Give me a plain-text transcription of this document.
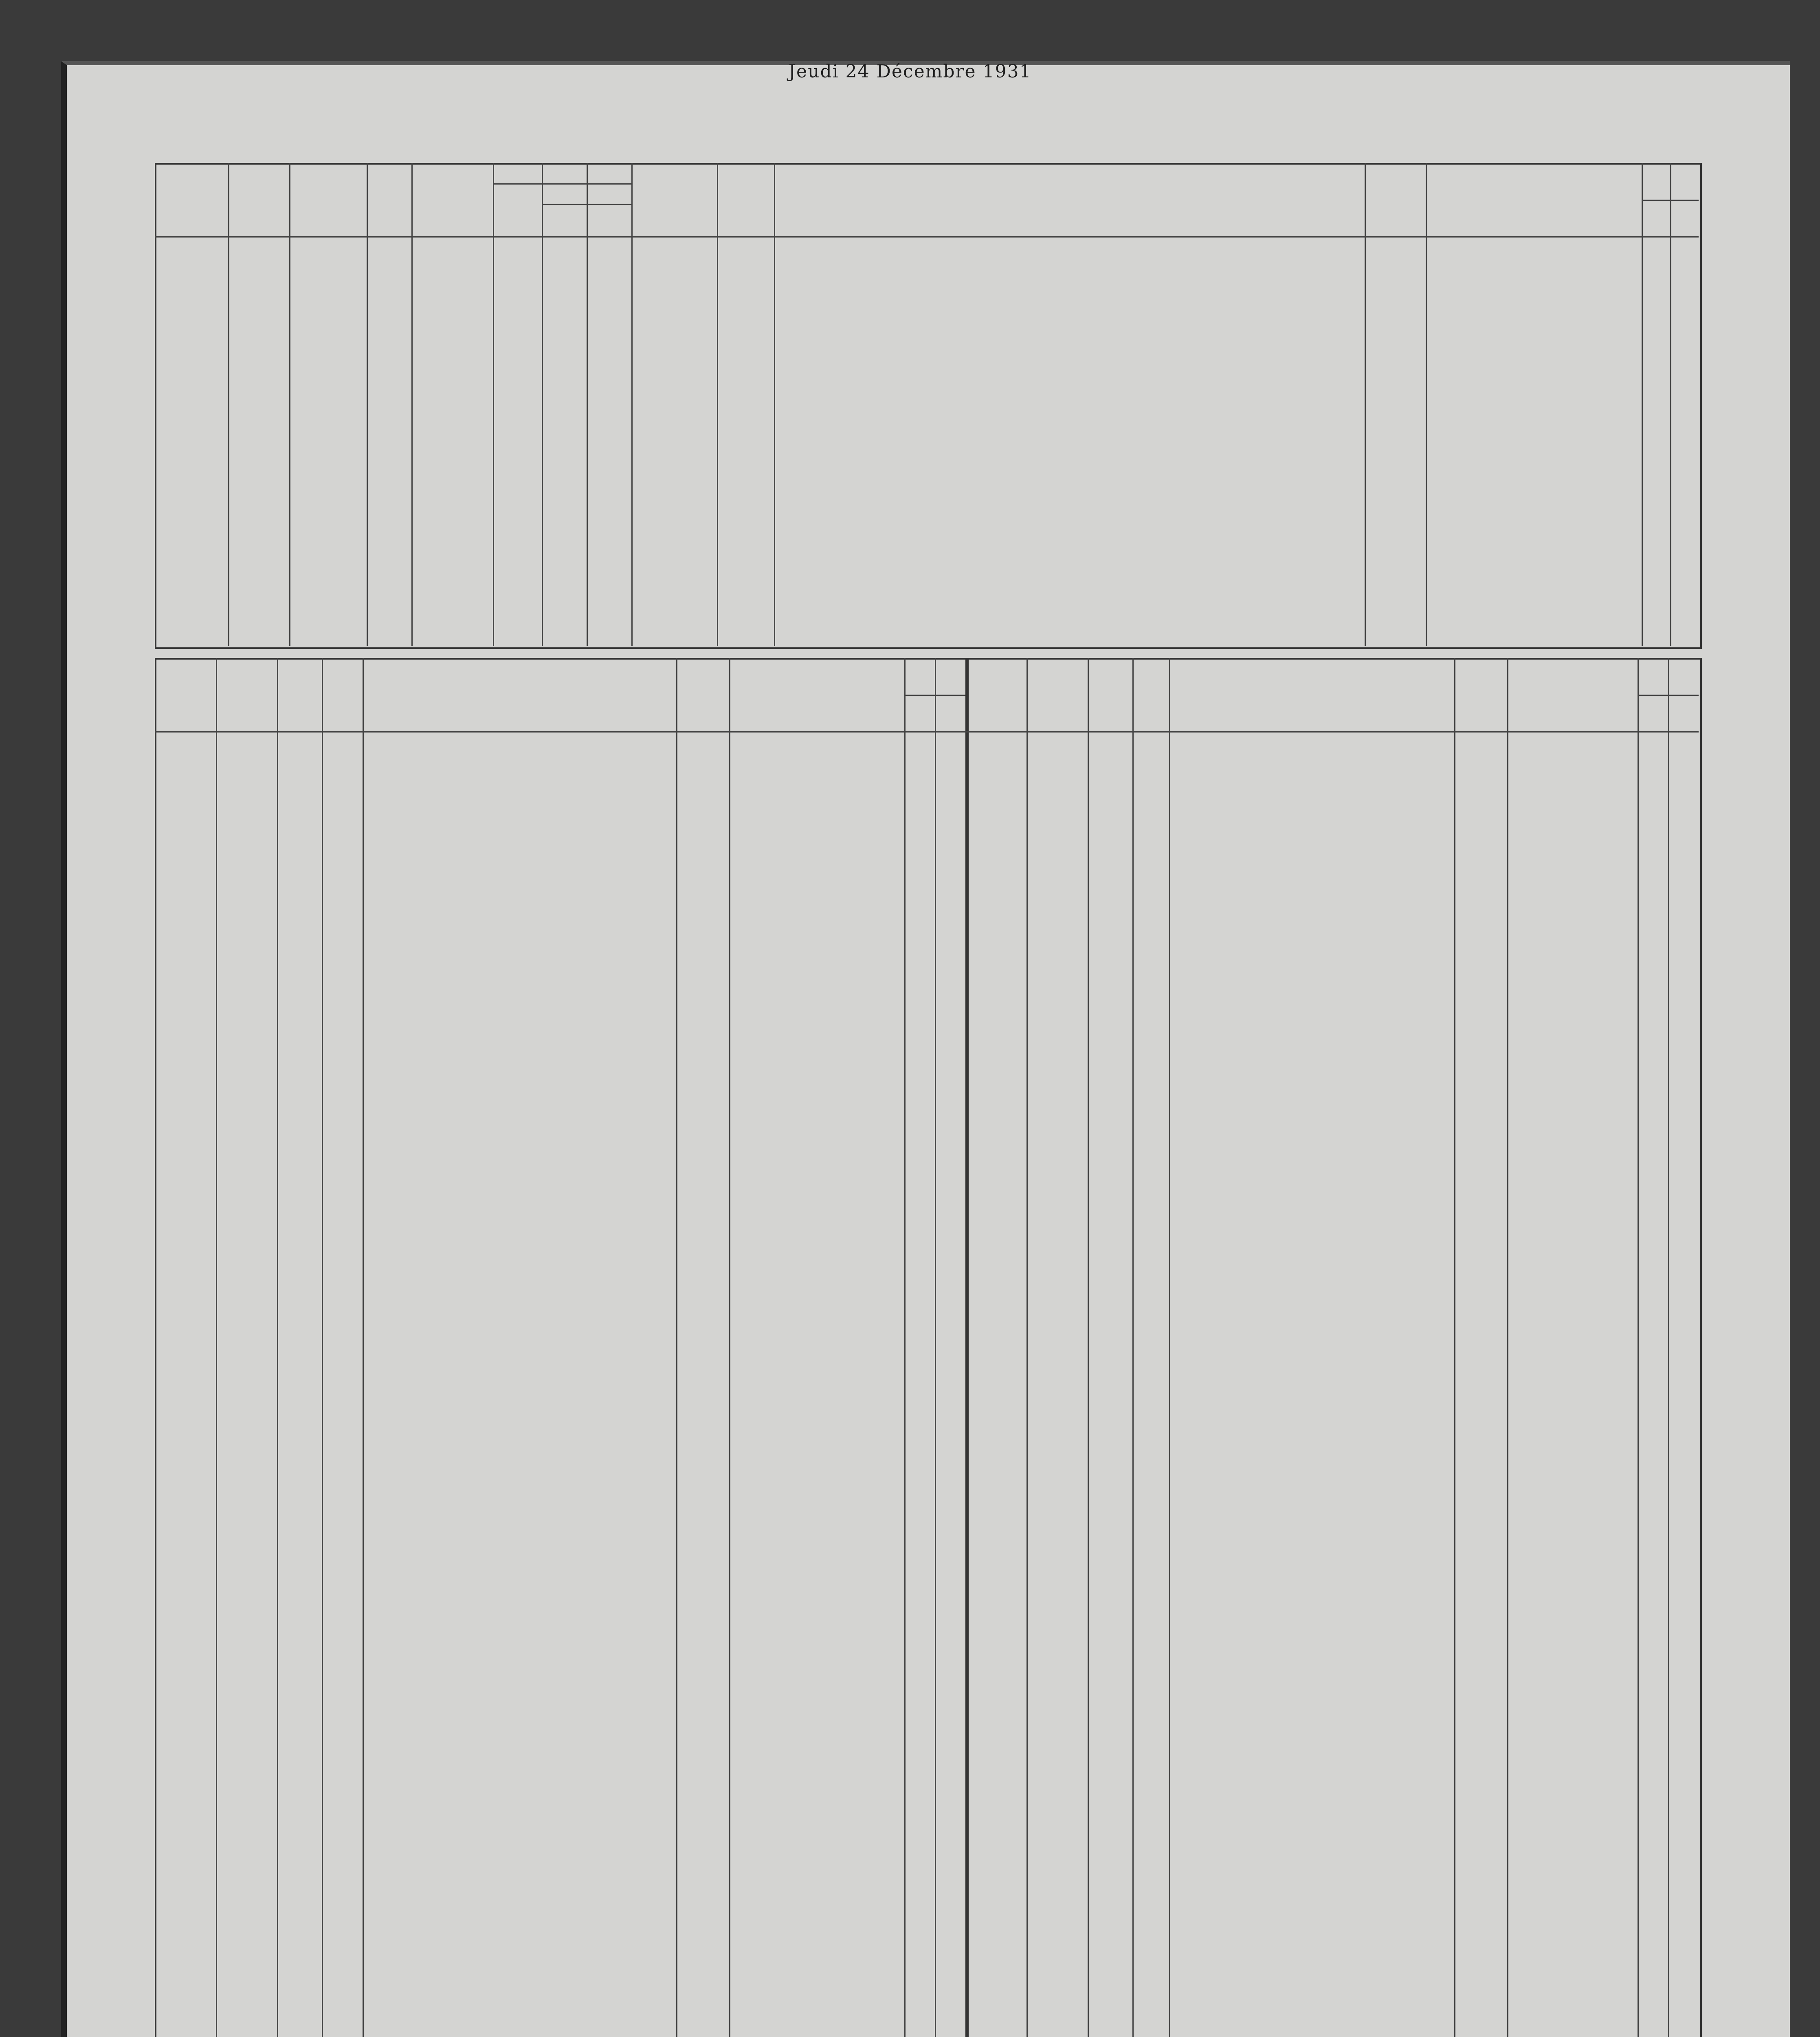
Jeudi 24 Décembre 1931
